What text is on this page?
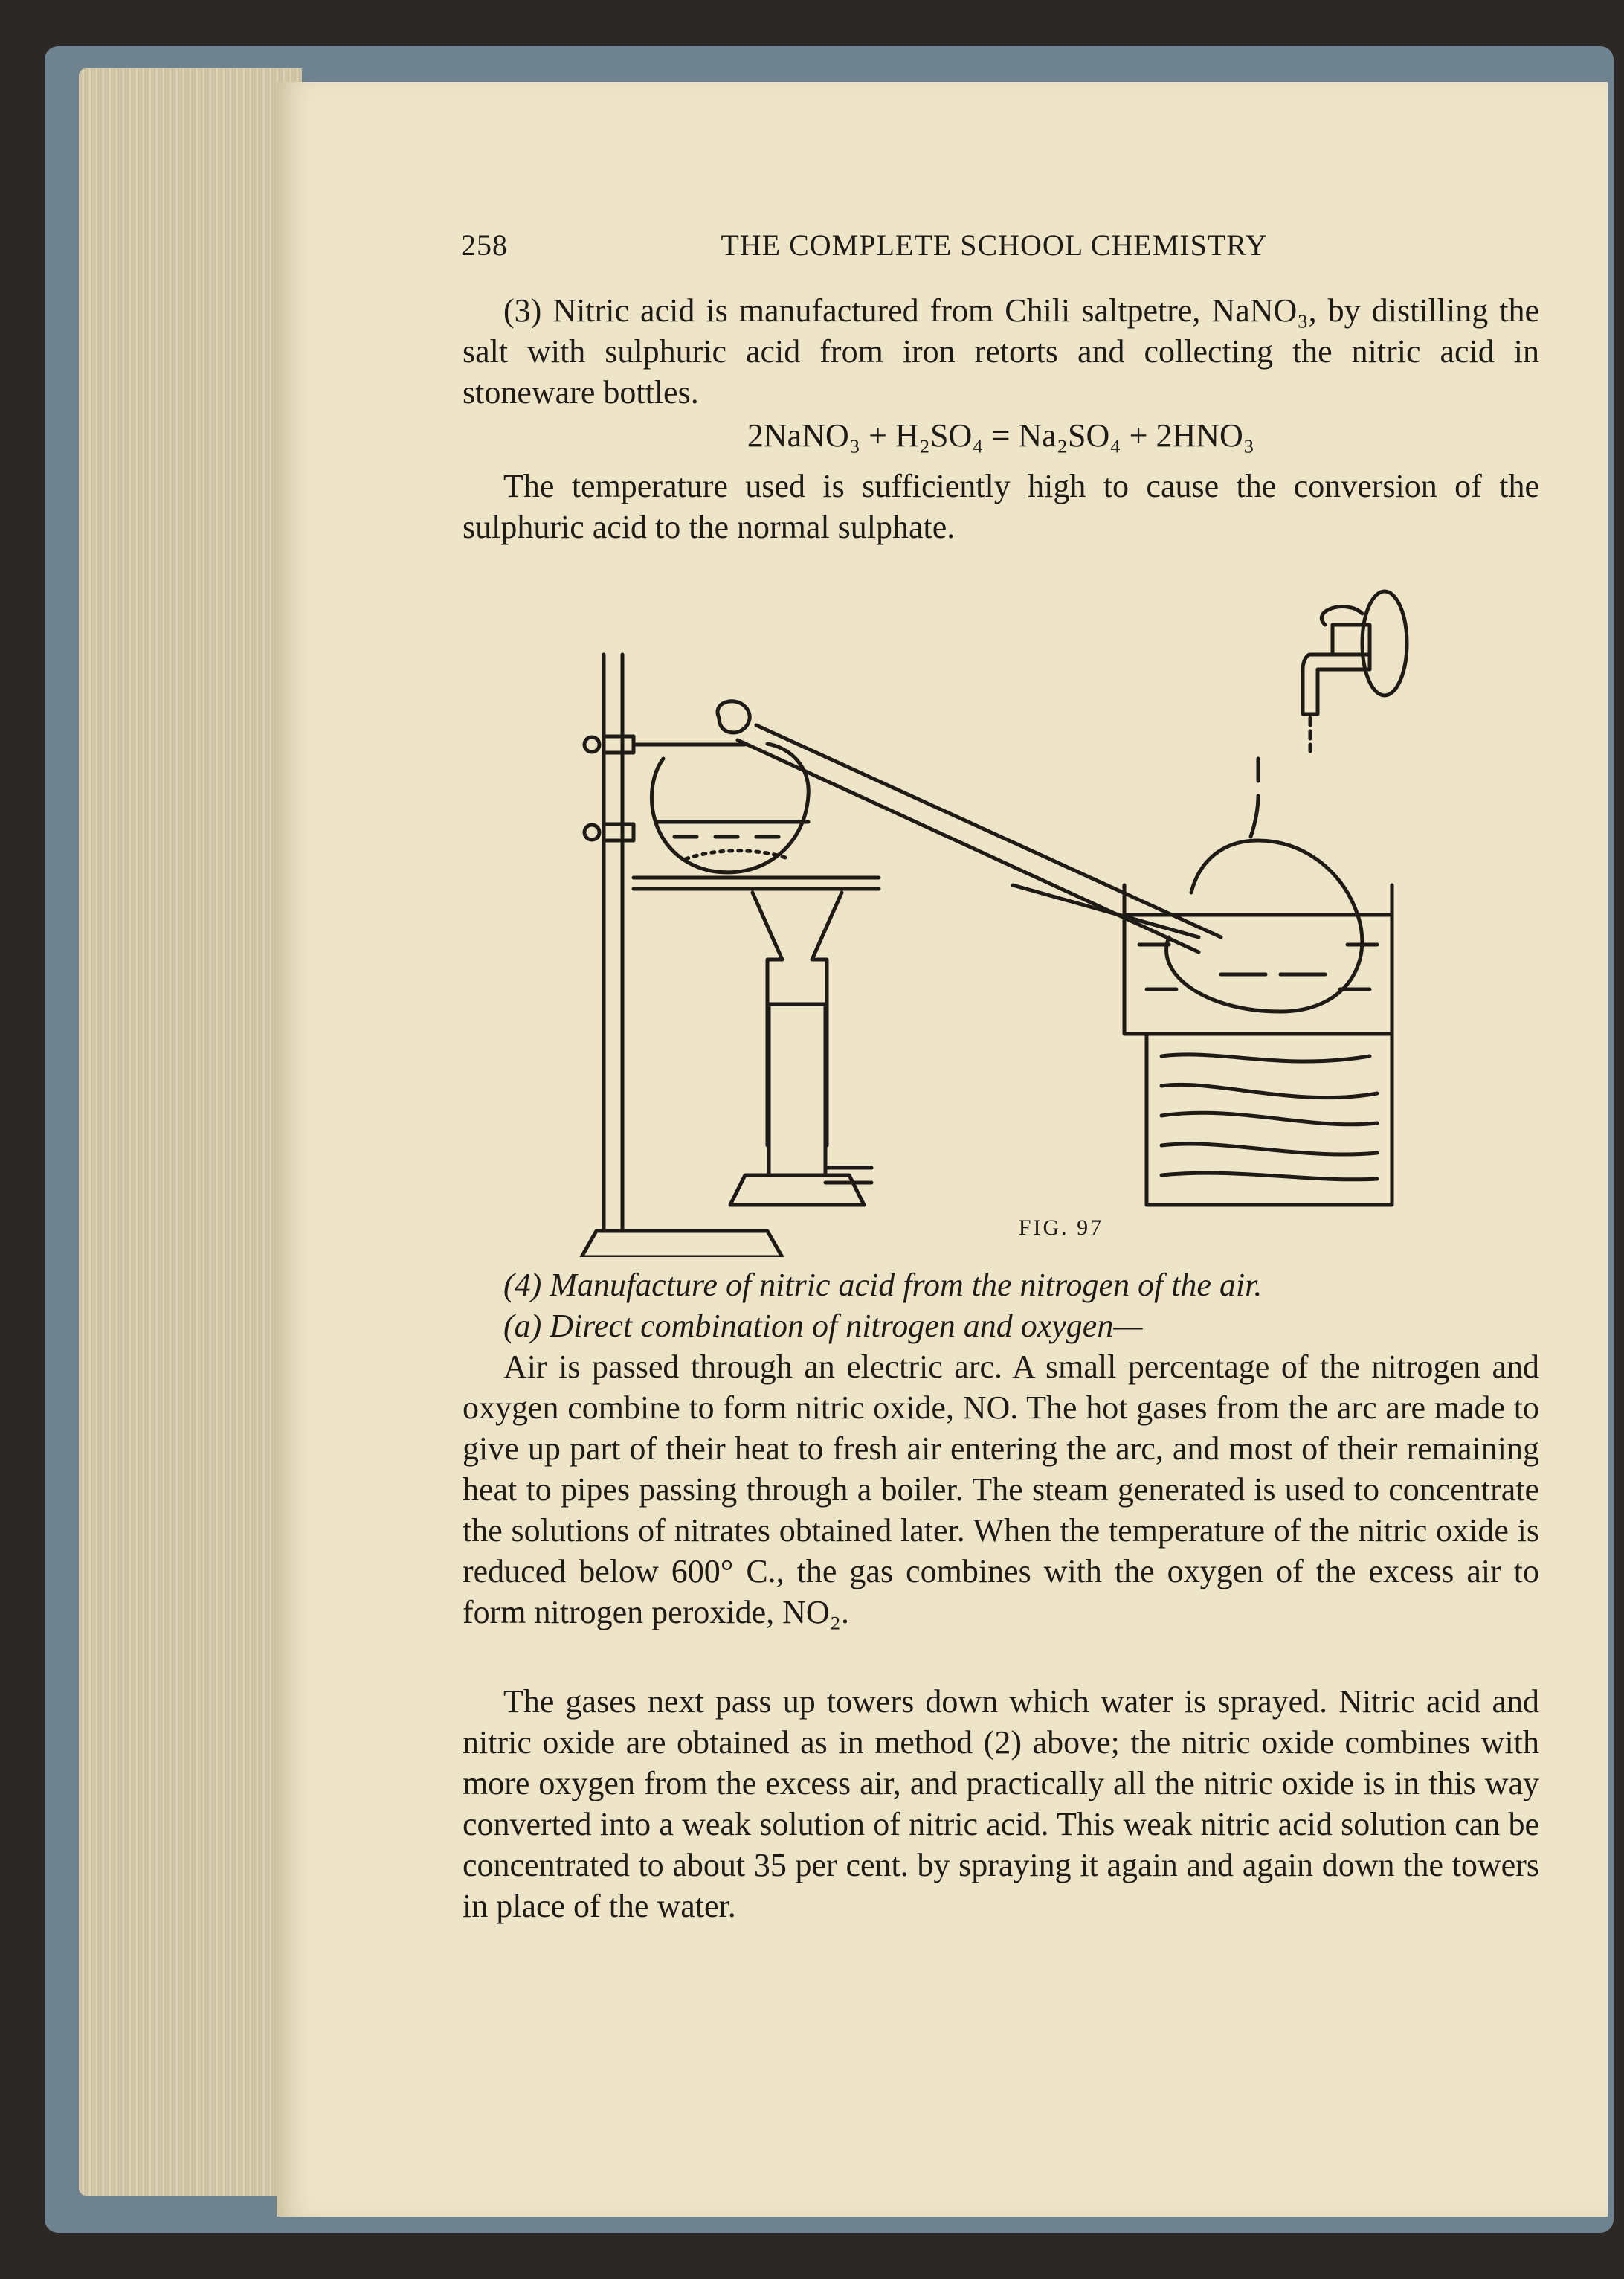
258	THE COMPLETE SCHOOL CHEMISTRY

(3) Nitric acid is manufactured from Chili saltpetre, NaNO₃, by distilling the salt with sulphuric acid from iron retorts and collecting the nitric acid in stoneware bottles.

2NaNO₃ + H₂SO₄ = Na₂SO₄ + 2HNO₃

The temperature used is sufficiently high to cause the conversion of the sulphuric acid to the normal sulphate.

FIG. 97

(4) Manufacture of nitric acid from the nitrogen of the air.

(a) Direct combination of nitrogen and oxygen—

Air is passed through an electric arc. A small percentage of the nitrogen and oxygen combine to form nitric oxide, NO. The hot gases from the arc are made to give up part of their heat to fresh air entering the arc, and most of their remaining heat to pipes passing through a boiler. The steam generated is used to concentrate the solutions of nitrates obtained later. When the temperature of the nitric oxide is reduced below 600° C., the gas combines with the oxygen of the excess air to form nitrogen peroxide, NO₂.

The gases next pass up towers down which water is sprayed. Nitric acid and nitric oxide are obtained as in method (2) above; the nitric oxide combines with more oxygen from the excess air, and practically all the nitric oxide is in this way converted into a weak solution of nitric acid. This weak nitric acid solution can be concentrated to about 35 per cent. by spraying it again and again down the towers in place of the water.
